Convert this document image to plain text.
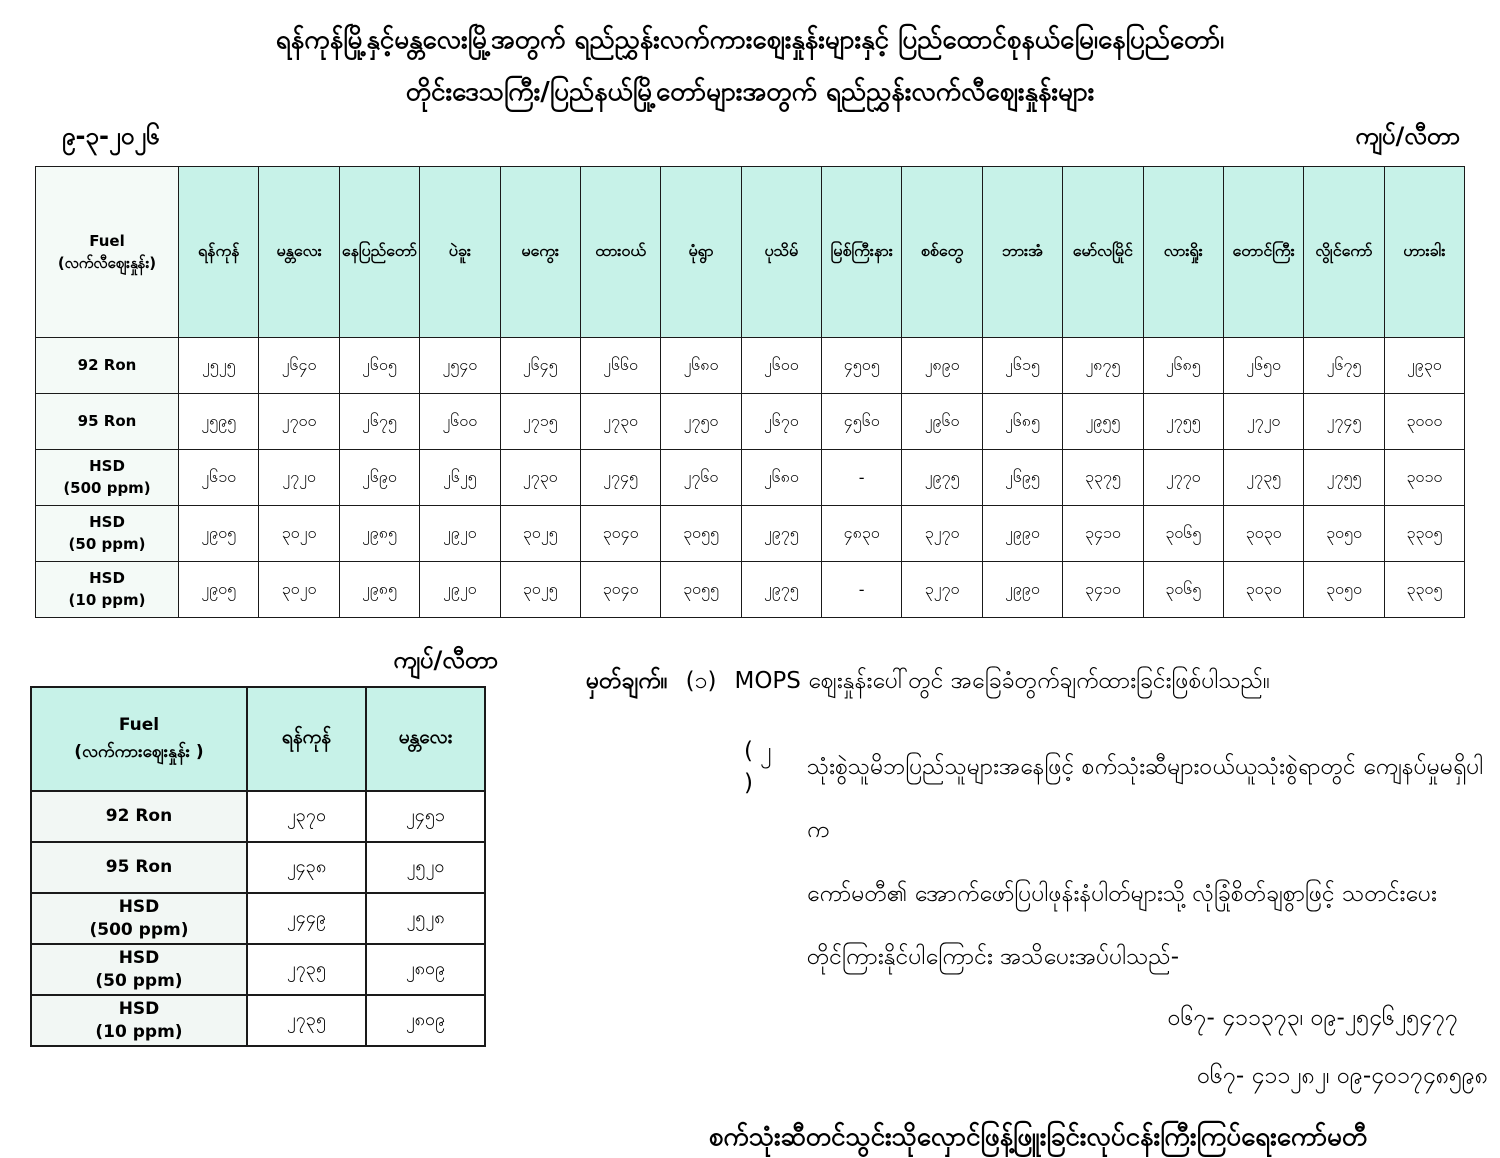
ရန်ကုန်မြို့နှင့်မန္တလေးမြို့အတွက် ရည်ညွှန်းလက်ကားဈေးနှုန်းများနှင့် ပြည်ထောင်စုနယ်မြေ၊နေပြည်တော်၊
တိုင်းဒေသကြီး/ပြည်နယ်မြို့တော်များအတွက် ရည်ညွှန်းလက်လီဈေးနှုန်းများ
၉-၃-၂၀၂၆	ကျပ်/လီတာ
Fuel
(လက်လီဈေးနှုန်း)	ရန်ကုန်	မန္တလေး	နေပြည်တော်	ပဲခူး	မကွေး	ထားဝယ်	မုံရွာ	ပုသိမ်	မြစ်ကြီးနား	စစ်တွေ	ဘားအံ	မော်လမြိုင်	လားရှိုး	တောင်ကြီး	လွိုင်ကော်	ဟားခါး

92 Ron	၂၅၂၅	၂၆၄၀	၂၆၀၅	၂၅၄၀	၂၆၄၅	၂၆၆၀	၂၆၈၀	၂၆၀၀	၄၅၀၅	၂၈၉၀	၂၆၁၅	၂၈၇၅	၂၆၈၅	၂၆၅၀	၂၆၇၅	၂၉၃၀

95 Ron	၂၅၉၅	၂၇၀၀	၂၆၇၅	၂၆၀၀	၂၇၁၅	၂၇၃၀	၂၇၅၀	၂၆၇၀	၄၅၆၀	၂၉၆၀	၂၆၈၅	၂၉၅၅	၂၇၅၅	၂၇၂၀	၂၇၄၅	၃၀၀၀

HSD
(500 ppm)	၂၆၁၀	၂၇၂၀	၂၆၉၀	၂၆၂၅	၂၇၃၀	၂၇၄၅	၂၇၆၀	၂၆၈၀	-	၂၉၇၅	၂၆၉၅	၃၃၇၅	၂၇၇၀	၂၇၃၅	၂၇၅၅	၃၀၁၀

HSD
(50 ppm)	၂၉၀၅	၃၀၂၀	၂၉၈၅	၂၉၂၀	၃၀၂၅	၃၀၄၀	၃၀၅၅	၂၉၇၅	၄၈၃၀	၃၂၇၀	၂၉၉၀	၃၄၁၀	၃၀၆၅	၃၀၃၀	၃၀၅၀	၃၃၀၅

HSD
(10 ppm)	၂၉၀၅	၃၀၂၀	၂၉၈၅	၂၉၂၀	၃၀၂၅	၃၀၄၀	၃၀၅၅	၂၉၇၅	-	၃၂၇၀	၂၉၉၀	၃၄၁၀	၃၀၆၅	၃၀၃၀	၃၀၅၀	၃၃၀၅
ကျပ်/လီတာ
Fuel
(လက်ကားဈေးနှုန်း )	ရန်ကုန်	မန္တလေး

92 Ron	၂၃၇၀	၂၄၅၁

95 Ron	၂၄၃၈	၂၅၂၀

HSD
(500 ppm)	၂၄၄၉	၂၅၂၈

HSD
(50 ppm)	၂၇၃၅	၂၈၀၉

HSD
(10 ppm)	၂၇၃၅	၂၈၀၉
မှတ်ချက်။ (၁) MOPS ဈေးနှုန်းပေါ်တွင် အခြေခံတွက်ချက်ထားခြင်းဖြစ်ပါသည်။
( ၂ )
သုံးစွဲသူမိဘပြည်သူများအနေဖြင့် စက်သုံးဆီများဝယ်ယူသုံးစွဲရာတွင် ကျေနပ်မှုမရှိပါက
ကော်မတီ၏ အောက်ဖော်ပြပါဖုန်းနံပါတ်များသို့ လုံခြုံစိတ်ချစွာဖြင့် သတင်းပေး
တိုင်ကြားနိုင်ပါကြောင်း အသိပေးအပ်ပါသည်-
၀၆၇- ၄၁၁၃၇၃၊ ၀၉-၂၅၄၆၂၅၄၇၇
၀၆၇- ၄၁၁၂၈၂၊ ၀၉-၄၀၁၇၄၈၅၉၈
စက်သုံးဆီတင်သွင်းသိုလှောင်ဖြန့်ဖြူးခြင်းလုပ်ငန်းကြီးကြပ်ရေးကော်မတီ
